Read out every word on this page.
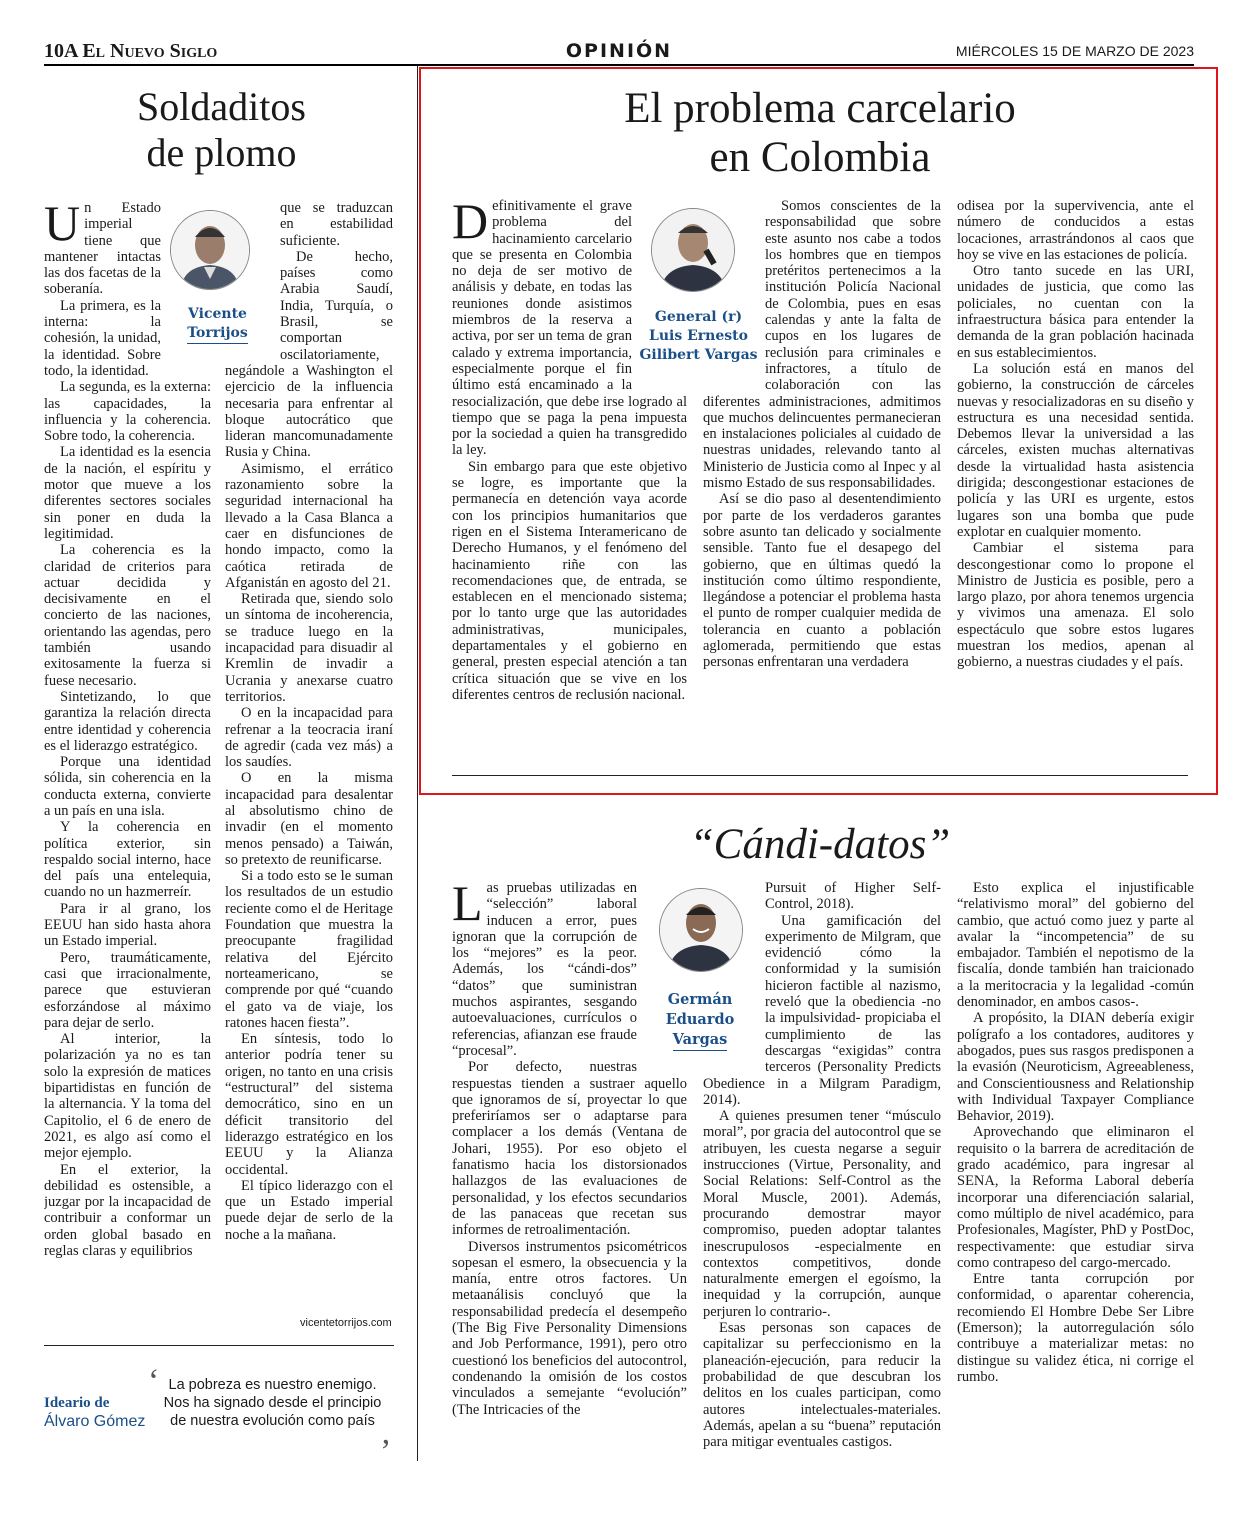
10A El Nuevo Siglo	OPINIÓN	MIÉRCOLES 15 DE MARZO DE 2023
Soldaditos
de plomo
Vicente
Torrijos

Un Estado imperial tiene que mantener intactas las dos facetas de la soberanía.

La primera, es la interna: la cohesión, la unidad, la identidad. Sobre todo, la identidad.

La segunda, es la externa: las capacidades, la influencia y la coherencia. Sobre todo, la coherencia.

La identidad es la esencia de la nación, el espíritu y motor que mueve a los diferentes sectores sociales sin poner en duda la legitimidad.

La coherencia es la claridad de criterios para actuar decidida y decisivamente en el concierto de las naciones, orientando las agendas, pero también usando exitosamente la fuerza si fuese necesario.

Sintetizando, lo que garantiza la relación directa entre identidad y coherencia es el liderazgo estratégico.

Porque una identidad sólida, sin coherencia en la conducta externa, convierte a un país en una isla.

Y la coherencia en política exterior, sin respaldo social interno, hace del país una entelequia, cuando no un hazmerreír.

Para ir al grano, los EEUU han sido hasta ahora un Estado imperial.

Pero, traumáticamente, casi que irracionalmente, parece que estuvieran esforzándose al máximo para dejar de serlo.

Al interior, la polarización ya no es tan solo la expresión de matices bipartidistas en función de la alternancia. Y la toma del Capitolio, el 6 de enero de 2021, es algo así como el mejor ejemplo.

En el exterior, la debilidad es ostensible, a juzgar por la incapacidad de contribuir a conformar un orden global basado en reglas claras y equilibrios

que se traduzcan en estabilidad suficiente.

De hecho, países como Arabia Saudí, India, Turquía, o Brasil, se comportan oscilatoriamente, negándole a Washington el ejercicio de la influencia necesaria para enfrentar al bloque autocrático que lideran mancomunadamente Rusia y China.

Asimismo, el errático razonamiento sobre la seguridad internacional ha llevado a la Casa Blanca a caer en disfunciones de hondo impacto, como la caótica retirada de Afganistán en agosto del 21.

Retirada que, siendo solo un síntoma de incoherencia, se traduce luego en la incapacidad para disuadir al Kremlin de invadir a Ucrania y anexarse cuatro territorios.

O en la incapacidad para refrenar a la teocracia iraní de agredir (cada vez más) a los saudíes.

O en la misma incapacidad para desalentar al absolutismo chino de invadir (en el momento menos pensado) a Taiwán, so pretexto de reunificarse.

Si a todo esto se le suman los resultados de un estudio reciente como el de Heritage Foundation que muestra la preocupante fragilidad relativa del Ejército norteamericano, se comprende por qué “cuando el gato va de viaje, los ratones hacen fiesta”.

En síntesis, todo lo anterior podría tener su origen, no tanto en una crisis “estructural” del sistema democrático, sino en un déficit transitorio del liderazgo estratégico en los EEUU y la Alianza occidental.

El típico liderazgo con el que un Estado imperial puede dejar de serlo de la noche a la mañana.

vicentetorrijos.com
Ideario de
Álvaro Gómez
‘ La pobreza es nuestro enemigo. Nos ha signado desde el principio de nuestra evolución como país
’
El problema carcelario
en Colombia
General (r)
Luis Ernesto
Gilibert Vargas

Definitivamente el grave problema del hacinamiento carcelario que se presenta en Colombia no deja de ser motivo de análisis y debate, en todas las reuniones donde asistimos miembros de la reserva a activa, por ser un tema de gran calado y extrema importancia, especialmente porque el fin último está encaminado a la resocialización, que debe irse logrado al tiempo que se paga la pena impuesta por la sociedad a quien ha transgredido la ley.

Sin embargo para que este objetivo se logre, es importante que la permanecía en detención vaya acorde con los principios humanitarios que rigen en el Sistema Interamericano de Derecho Humanos, y el fenómeno del hacinamiento riñe con las recomendaciones que, de entrada, se establecen en el mencionado sistema; por lo tanto urge que las autoridades administrativas, municipales, departamentales y el gobierno en general, presten especial atención a tan crítica situación que se vive en los diferentes centros de reclusión nacional.

Somos conscientes de la responsabilidad que sobre este asunto nos cabe a todos los hombres que en tiempos pretéritos pertenecimos a la institución Policía Nacional de Colombia, pues en esas calendas y ante la falta de cupos en los lugares de reclusión para criminales e infractores, a título de colaboración con las diferentes administraciones, admitimos que muchos delincuentes permanecieran en instalaciones policiales al cuidado de nuestras unidades, relevando tanto al Ministerio de Justicia como al Inpec y al mismo Estado de sus responsabilidades.

Así se dio paso al desentendimiento por parte de los verdaderos garantes sobre asunto tan delicado y socialmente sensible. Tanto fue el desapego del gobierno, que en últimas quedó la institución como último respondiente, llegándose a potenciar el problema hasta el punto de romper cualquier medida de tolerancia en cuanto a población aglomerada, permitiendo que estas personas enfrentaran una verdadera

odisea por la supervivencia, ante el número de conducidos a estas locaciones, arrastrándonos al caos que hoy se vive en las estaciones de policía.

Otro tanto sucede en las URI, unidades de justicia, que como las policiales, no cuentan con la infraestructura básica para entender la demanda de la gran población hacinada en sus establecimientos.

La solución está en manos del gobierno, la construcción de cárceles nuevas y resocializadoras en su diseño y estructura es una necesidad sentida. Debemos llevar la universidad a las cárceles, existen muchas alternativas desde la virtualidad hasta asistencia dirigida; descongestionar estaciones de policía y las URI es urgente, estos lugares son una bomba que pude explotar en cualquier momento.

Cambiar el sistema para descongestionar como lo propone el Ministro de Justicia es posible, pero a largo plazo, por ahora tenemos urgencia y vivimos una amenaza. El solo espectáculo que sobre estos lugares muestran los medios, apenan al gobierno, a nuestras ciudades y el país.

“Cándi-datos”
Germán
Eduardo
Vargas

Las pruebas utilizadas en “selección” laboral inducen a error, pues ignoran que la corrupción de los “mejores” es la peor. Además, los “cándi-dos” “datos” que suministran muchos aspirantes, sesgando autoevaluaciones, currículos o referencias, afianzan ese fraude “procesal”.

Por defecto, nuestras respuestas tienden a sustraer aquello que ignoramos de sí, proyectar lo que preferiríamos ser o adaptarse para complacer a los demás (Ventana de Johari, 1955). Por eso objeto el fanatismo hacia los distorsionados hallazgos de las evaluaciones de personalidad, y los efectos secundarios de las panaceas que recetan sus informes de retroalimentación.

Diversos instrumentos psicométricos sopesan el esmero, la obsecuencia y la manía, entre otros factores. Un metaanálisis concluyó que la responsabilidad predecía el desempeño (The Big Five Personality Dimensions and Job Performance, 1991), pero otro cuestionó los beneficios del autocontrol, condenando la omisión de los costos vinculados a semejante “evolución” (The Intricacies of the

Pursuit of Higher Self-Control, 2018).

Una gamificación del experimento de Milgram, que evidenció cómo la conformidad y la sumisión hicieron factible al nazismo, reveló que la obediencia -no la impulsividad- propiciaba el cumplimiento de las descargas “exigidas” contra terceros (Personality Predicts Obedience in a Milgram Paradigm, 2014).

A quienes presumen tener “músculo moral”, por gracia del autocontrol que se atribuyen, les cuesta negarse a seguir instrucciones (Virtue, Personality, and Social Relations: Self-Control as the Moral Muscle, 2001). Además, procurando demostrar mayor compromiso, pueden adoptar talantes inescrupulosos -especialmente en contextos competitivos, donde naturalmente emergen el egoísmo, la inequidad y la corrupción, aunque perjuren lo contrario-.

Esas personas son capaces de capitalizar su perfeccionismo en la planeación-ejecución, para reducir la probabilidad de que descubran los delitos en los cuales participan, como autores intelectuales-materiales. Además, apelan a su “buena” reputación para mitigar eventuales castigos.

Esto explica el injustificable “relativismo moral” del gobierno del cambio, que actuó como juez y parte al avalar la “incompetencia” de su embajador. También el nepotismo de la fiscalía, donde también han traicionado a la meritocracia y la legalidad -común denominador, en ambos casos-.

A propósito, la DIAN debería exigir polígrafo a los contadores, auditores y abogados, pues sus rasgos predisponen a la evasión (Neuroticism, Agreeableness, and Conscientiousness and Relationship with Individual Taxpayer Compliance Behavior, 2019).

Aprovechando que eliminaron el requisito o la barrera de acreditación de grado académico, para ingresar al SENA, la Reforma Laboral debería incorporar una diferenciación salarial, como múltiplo de nivel académico, para Profesionales, Magíster, PhD y PostDoc, respectivamente: que estudiar sirva como contrapeso del cargo-mercado.

Entre tanta corrupción por conformidad, o aparentar coherencia, recomiendo El Hombre Debe Ser Libre (Emerson); la autorregulación sólo contribuye a materializar metas: no distingue su validez ética, ni corrige el rumbo.
